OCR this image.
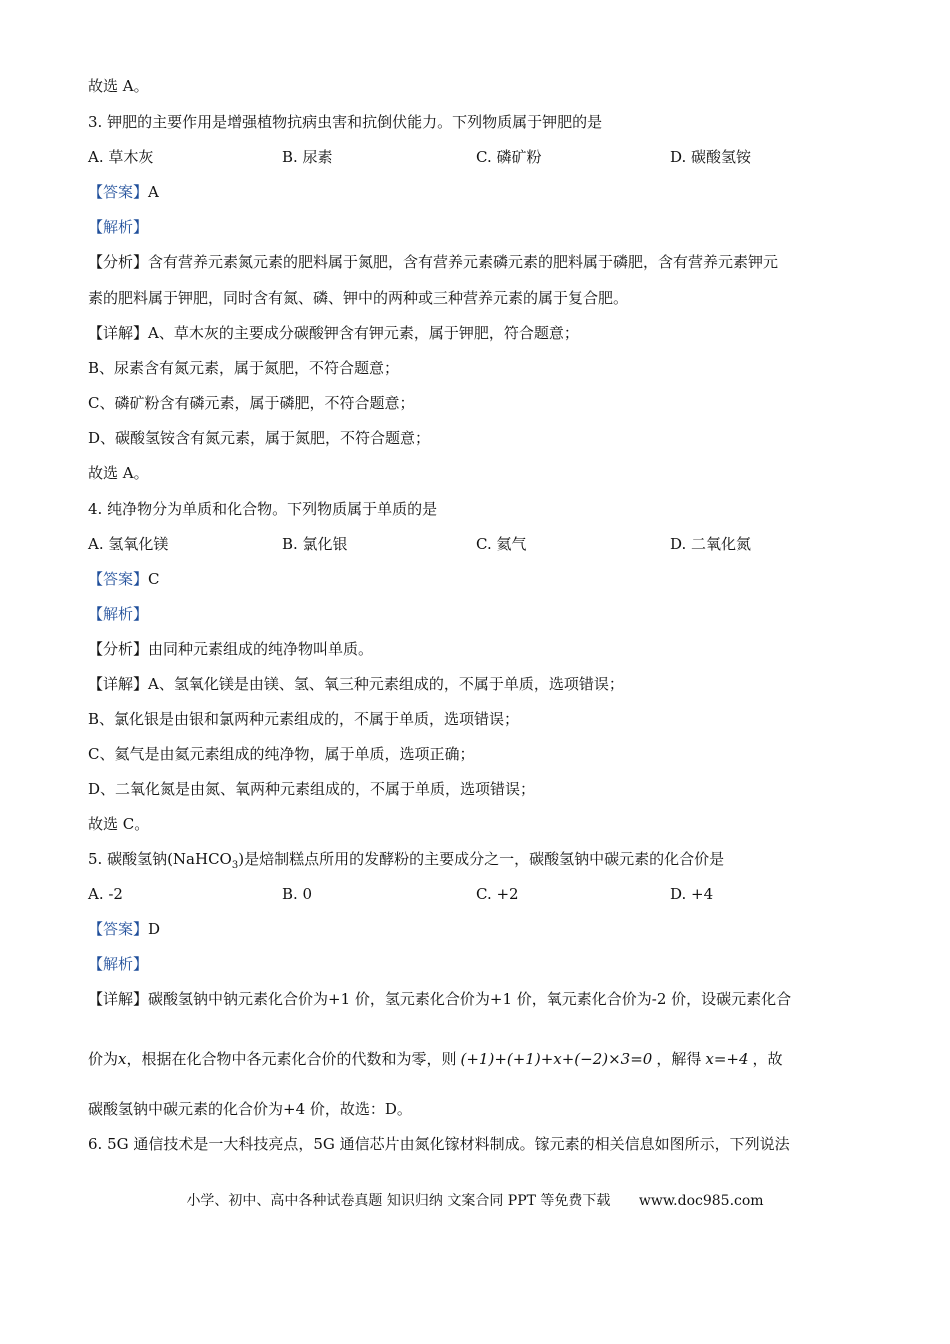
故选 A。
3. 钾肥的主要作用是增强植物抗病虫害和抗倒伏能力。下列物质属于钾肥的是
A. 草木灰	B. 尿素	C. 磷矿粉	D. 碳酸氢铵
【答案】A
【解析】
【分析】含有营养元素氮元素的肥料属于氮肥，含有营养元素磷元素的肥料属于磷肥，含有营养元素钾元
素的肥料属于钾肥，同时含有氮、磷、钾中的两种或三种营养元素的属于复合肥。
【详解】A、草木灰的主要成分碳酸钾含有钾元素，属于钾肥，符合题意；
B、尿素含有氮元素，属于氮肥，不符合题意；
C、磷矿粉含有磷元素，属于磷肥，不符合题意；
D、碳酸氢铵含有氮元素，属于氮肥，不符合题意；
故选 A。
4. 纯净物分为单质和化合物。下列物质属于单质的是
A. 氢氧化镁	B. 氯化银	C. 氦气	D. 二氧化氮
【答案】C
【解析】
【分析】由同种元素组成的纯净物叫单质。
【详解】A、氢氧化镁是由镁、氢、氧三种元素组成的，不属于单质，选项错误；
B、氯化银是由银和氯两种元素组成的，不属于单质，选项错误；
C、氦气是由氦元素组成的纯净物，属于单质，选项正确；
D、二氧化氮是由氮、氧两种元素组成的，不属于单质，选项错误；
故选 C。
5. 碳酸氢钠(NaHCO$_3$)是焙制糕点所用的发酵粉的主要成分之一，碳酸氢钠中碳元素的化合价是
A. -2	B. 0	C. +2	D. +4
【答案】D
【解析】
【详解】碳酸氢钠中钠元素化合价为+1 价，氢元素化合价为+1 价，氧元素化合价为-2 价，设碳元素化合
价为x，根据在化合物中各元素化合价的代数和为零，则 (+1)+(+1)+x+(−2)×3=0 ，解得 x=+4 ，故
碳酸氢钠中碳元素的化合价为+4 价，故选：D。
6. 5G 通信技术是一大科技亮点，5G 通信芯片由氮化镓材料制成。镓元素的相关信息如图所示，下列说法
小学、初中、高中各种试卷真题 知识归纳 文案合同 PPT 等免费下载 www.doc985.com
